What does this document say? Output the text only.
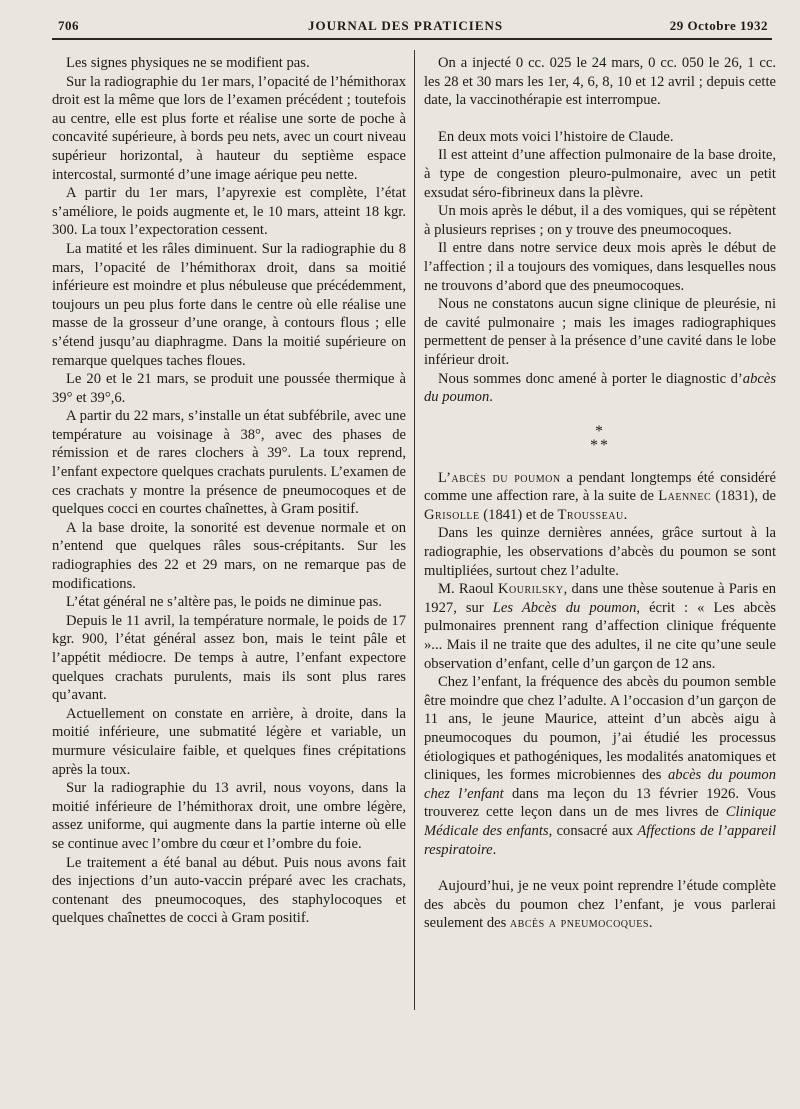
706	JOURNAL DES PRATICIENS	29 Octobre 1932

Les signes physiques ne se modifient pas.

Sur la radiographie du 1er mars, l’opacité de l’hémithorax droit est la même que lors de l’examen précédent ; toutefois au centre, elle est plus forte et réalise une sorte de poche à concavité supérieure, à bords peu nets, avec un court niveau supérieur horizontal, à hauteur du septième espace intercostal, surmonté d’une image aérique peu nette.

A partir du 1er mars, l’apyrexie est complète, l’état s’améliore, le poids augmente et, le 10 mars, atteint 18 kgr. 300. La toux l’expectoration cessent.

La matité et les râles diminuent. Sur la radiographie du 8 mars, l’opacité de l’hémithorax droit, dans sa moitié inférieure est moindre et plus nébuleuse que précédemment, toujours un peu plus forte dans le centre où elle réalise une masse de la grosseur d’une orange, à contours flous ; elle s’étend jusqu’au diaphragme. Dans la moitié supérieure on remarque quelques taches floues.

Le 20 et le 21 mars, se produit une poussée thermique à 39° et 39°,6.

A partir du 22 mars, s’installe un état subfébrile, avec une température au voisinage à 38°, avec des phases de rémission et de rares clochers à 39°. La toux reprend, l’enfant expectore quelques crachats purulents. L’examen de ces crachats y montre la présence de pneumocoques et de quelques cocci en courtes chaînettes, à Gram positif.

A la base droite, la sonorité est devenue normale et on n’entend que quelques râles sous-crépitants. Sur les radiographies des 22 et 29 mars, on ne remarque pas de modifications.

L’état général ne s’altère pas, le poids ne diminue pas.

Depuis le 11 avril, la température normale, le poids de 17 kgr. 900, l’état général assez bon, mais le teint pâle et l’appétit médiocre. De temps à autre, l’enfant expectore quelques crachats purulents, mais ils sont plus rares qu’avant.

Actuellement on constate en arrière, à droite, dans la moitié inférieure, une submatité légère et variable, un murmure vésiculaire faible, et quelques fines crépitations après la toux.

Sur la radiographie du 13 avril, nous voyons, dans la moitié inférieure de l’hémithorax droit, une ombre légère, assez uniforme, qui augmente dans la partie interne où elle se continue avec l’ombre du cœur et l’ombre du foie.

Le traitement a été banal au début. Puis nous avons fait des injections d’un auto-vaccin préparé avec les crachats, contenant des pneumocoques, des staphylocoques et quelques chaînettes de cocci à Gram positif.

On a injecté 0 cc. 025 le 24 mars, 0 cc. 050 le 26, 1 cc. les 28 et 30 mars les 1er, 4, 6, 8, 10 et 12 avril ; depuis cette date, la vaccinothérapie est interrompue.

En deux mots voici l’histoire de Claude.

Il est atteint d’une affection pulmonaire de la base droite, à type de congestion pleuro-pulmonaire, avec un petit exsudat séro-fibrineux dans la plèvre.

Un mois après le début, il a des vomiques, qui se répètent à plusieurs reprises ; on y trouve des pneumocoques.

Il entre dans notre service deux mois après le début de l’affection ; il a toujours des vomiques, dans lesquelles nous ne trouvons d’abord que des pneumocoques.

Nous ne constatons aucun signe clinique de pleurésie, ni de cavité pulmonaire ; mais les images radiographiques permettent de penser à la présence d’une cavité dans le lobe inférieur droit.

Nous sommes donc amené à porter le diagnostic d’abcès du poumon.

*
**

L’abcès du poumon a pendant longtemps été considéré comme une affection rare, à la suite de Laennec (1831), de Grisolle (1841) et de Trousseau.

Dans les quinze dernières années, grâce surtout à la radiographie, les observations d’abcès du poumon se sont multipliées, surtout chez l’adulte.

M. Raoul Kourilsky, dans une thèse soutenue à Paris en 1927, sur Les Abcès du poumon, écrit : « Les abcès pulmonaires prennent rang d’affection clinique fréquente »... Mais il ne traite que des adultes, il ne cite qu’une seule observation d’enfant, celle d’un garçon de 12 ans.

Chez l’enfant, la fréquence des abcès du poumon semble être moindre que chez l’adulte. A l’occasion d’un garçon de 11 ans, le jeune Maurice, atteint d’un abcès aigu à pneumocoques du poumon, j’ai étudié les processus étiologiques et pathogéniques, les modalités anatomiques et cliniques, les formes microbiennes des abcès du poumon chez l’enfant dans ma leçon du 13 février 1926. Vous trouverez cette leçon dans un de mes livres de Clinique Médicale des enfants, consacré aux Affections de l’appareil respiratoire.

Aujourd’hui, je ne veux point reprendre l’étude complète des abcès du poumon chez l’enfant, je vous parlerai seulement des abcès a pneumocoques.
